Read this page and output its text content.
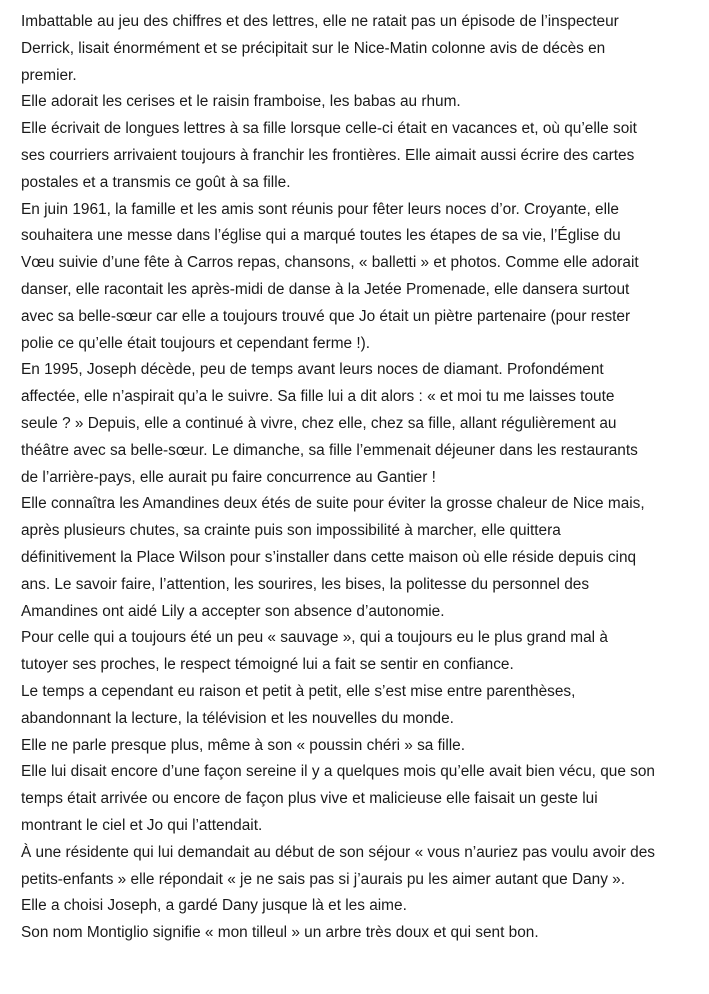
Imbattable au jeu des chiffres et des lettres, elle ne ratait pas un épisode de l’inspecteur
Derrick, lisait énormément et se précipitait sur le Nice-Matin colonne avis de décès en
premier.
Elle adorait les cerises et le raisin framboise, les babas au rhum.
Elle écrivait de longues lettres à sa fille lorsque celle-ci était en vacances et, où qu’elle soit
ses courriers arrivaient toujours à franchir les frontières. Elle aimait aussi écrire des cartes
postales et a transmis ce goût à sa fille.
En juin 1961, la famille et les amis sont réunis pour fêter leurs noces d’or. Croyante, elle
souhaitera une messe dans l’église qui a marqué toutes les étapes de sa vie, l’Église du
Vœu suivie d’une fête à Carros repas, chansons, « balletti » et photos. Comme elle adorait
danser, elle racontait les après-midi de danse à la Jetée Promenade, elle dansera surtout
avec sa belle-sœur car elle a toujours trouvé que Jo était un piètre partenaire (pour rester
polie ce qu’elle était toujours et cependant ferme !).
En 1995, Joseph décède, peu de temps avant leurs noces de diamant. Profondément
affectée, elle n’aspirait qu’a le suivre. Sa fille lui a dit alors : « et moi tu me laisses toute
seule ? » Depuis, elle a continué à vivre, chez elle, chez sa fille, allant régulièrement au
théâtre avec sa belle-sœur. Le dimanche, sa fille l’emmenait déjeuner dans les restaurants
de l’arrière-pays, elle aurait pu faire concurrence au Gantier !
Elle connaîtra les Amandines deux étés de suite pour éviter la grosse chaleur de Nice mais,
après plusieurs chutes, sa crainte puis son impossibilité à marcher, elle quittera
définitivement la Place Wilson pour s’installer dans cette maison où elle réside depuis cinq
ans. Le savoir faire, l’attention, les sourires, les bises, la politesse du personnel des
Amandines ont aidé Lily a accepter son absence d’autonomie.
Pour celle qui a toujours été un peu « sauvage », qui a toujours eu le plus grand mal à
tutoyer ses proches, le respect témoigné lui a fait se sentir en confiance.
Le temps a cependant eu raison et petit à petit, elle s’est mise entre parenthèses,
abandonnant la lecture, la télévision et les nouvelles du monde.
Elle ne parle presque plus, même à son « poussin chéri » sa fille.
Elle lui disait encore d’une façon sereine il y a quelques mois qu’elle avait bien vécu, que son
temps était arrivée ou encore de façon plus vive et malicieuse elle faisait un geste lui
montrant le ciel et Jo qui l’attendait.
À une résidente qui lui demandait au début de son séjour « vous n’auriez pas voulu avoir des
petits-enfants » elle répondait « je ne sais pas si j’aurais pu les aimer autant que Dany ».
Elle a choisi Joseph, a gardé Dany jusque là et les aime.
Son nom Montiglio signifie « mon tilleul » un arbre très doux et qui sent bon.
